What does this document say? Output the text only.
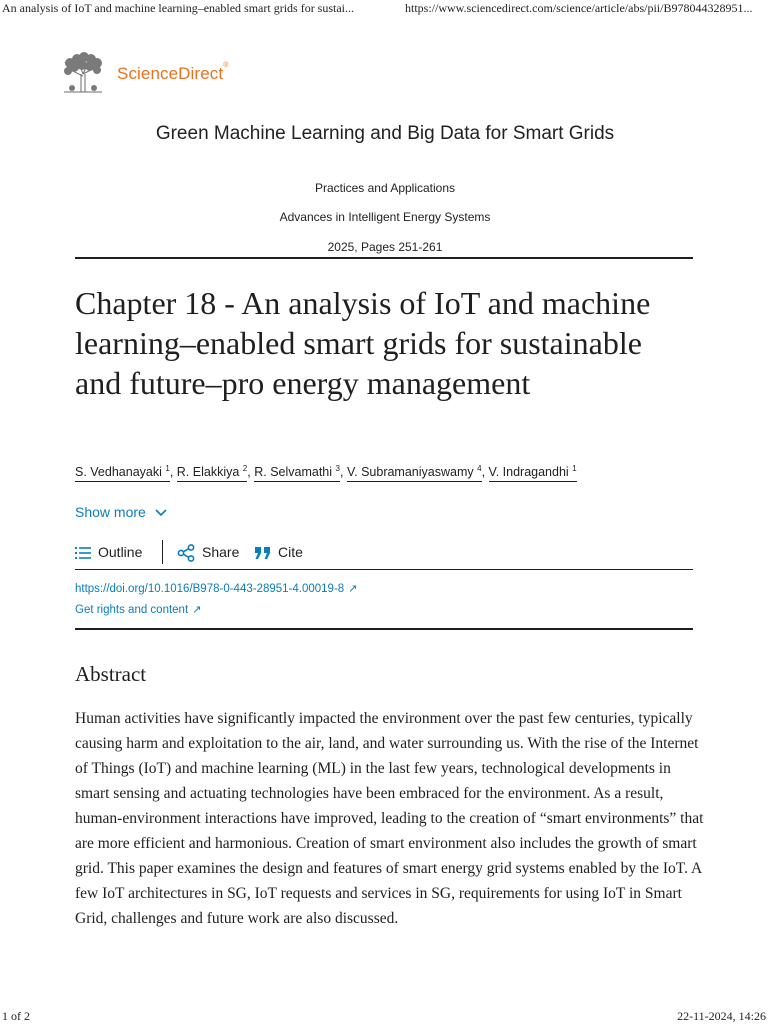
An analysis of IoT and machine learning–enabled smart grids for sustai...	https://www.sciencedirect.com/science/article/abs/pii/B978044328951...
ScienceDirect®
Green Machine Learning and Big Data for Smart Grids
Practices and Applications
Advances in Intelligent Energy Systems
2025, Pages 251-261
Chapter 18 - An analysis of IoT and machine learning–enabled smart grids for sustainable and future–pro energy management
S. Vedhanayaki $^1$, R. Elakkiya $^2$, R. Selvamathi $^3$, V. Subramaniyaswamy $^4$, V. Indragandhi $^1$
Show more
Outline	Share	Cite
https://doi.org/10.1016/B978-0-443-28951-4.00019-8 ↗
Get rights and content ↗
Abstract

Human activities have significantly impacted the environment over the past few centuries, typically causing harm and exploitation to the air, land, and water surrounding us. With the rise of the Internet of Things (IoT) and machine learning (ML) in the last few years, technological developments in smart sensing and actuating technologies have been embraced for the environment. As a result, human-environment interactions have improved, leading to the creation of “smart environments” that are more efficient and harmonious. Creation of smart environment also includes the growth of smart grid. This paper examines the design and features of smart energy grid systems enabled by the IoT. A few IoT architectures in SG, IoT requests and services in SG, requirements for using IoT in Smart Grid, challenges and future work are also discussed.

1 of 2	22-11-2024, 14:26
